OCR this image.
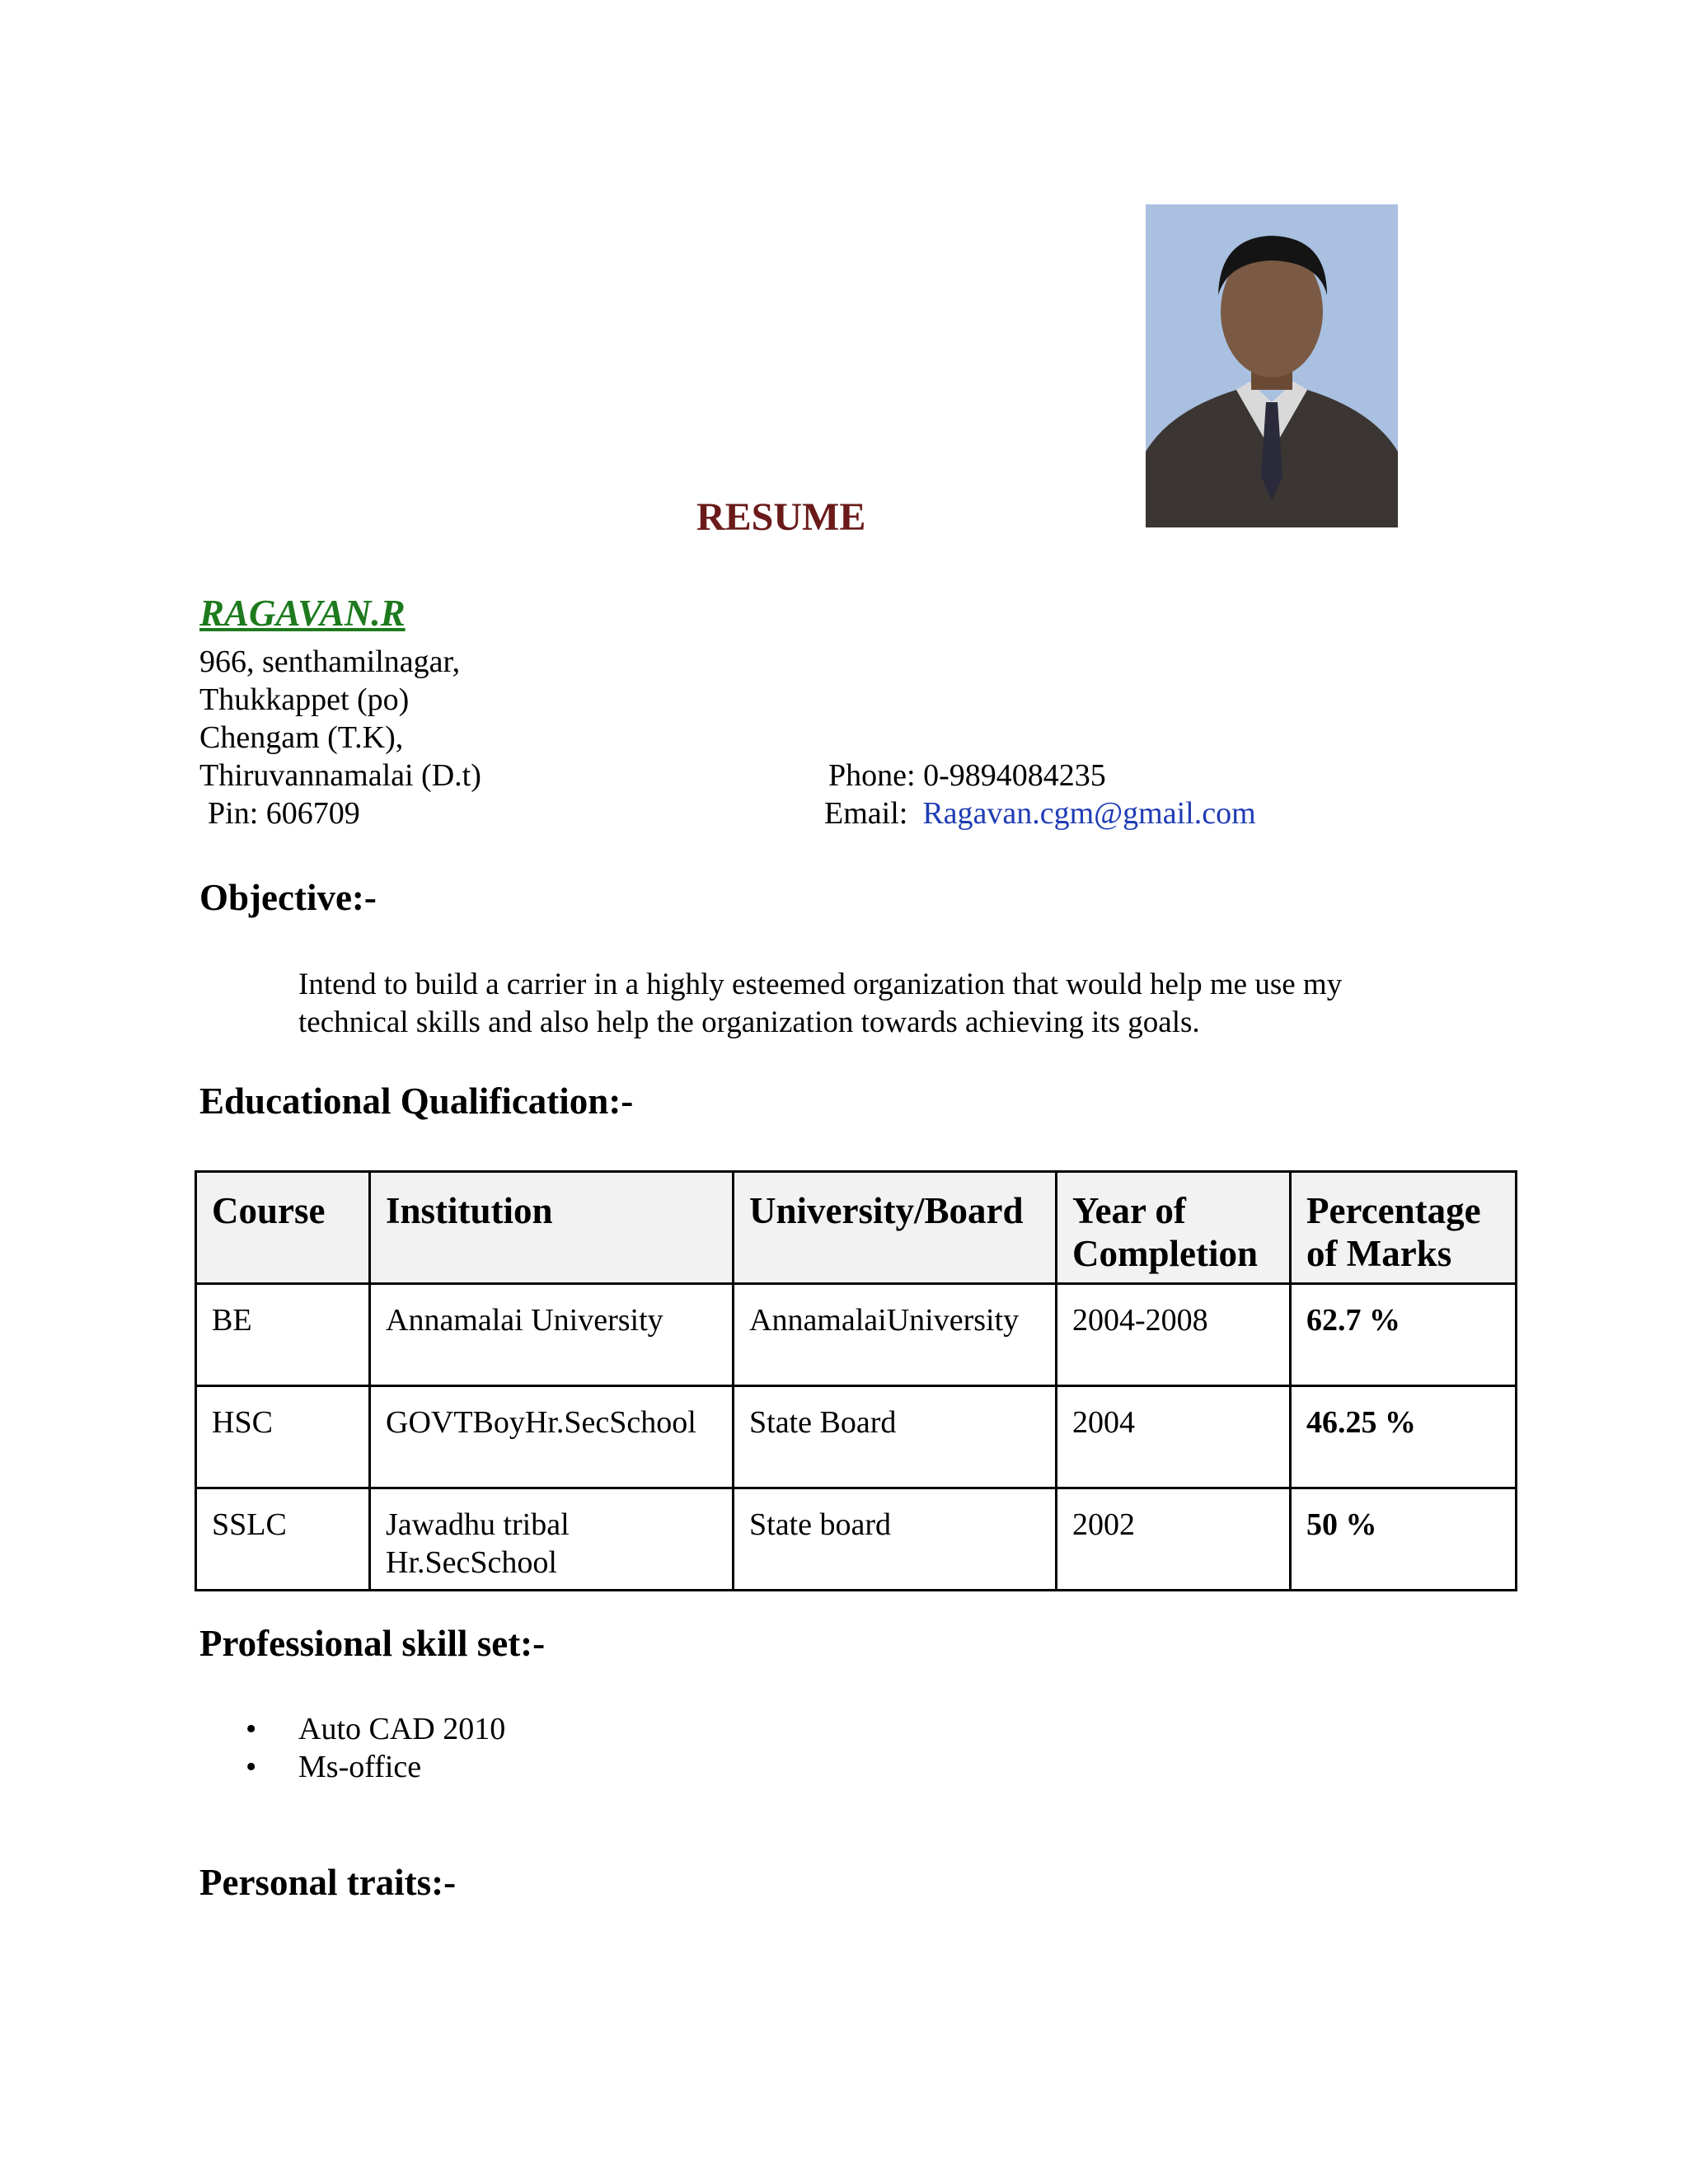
RESUME
RAGAVAN.R
966, senthamilnagar,
Thukkappet (po)
Chengam (T.K),
Thiruvannamalai (D.t)
Pin: 606709
Phone: 0-9894084235
Email: Ragavan.cgm@gmail.com
Objective:-
Intend to build a carrier in a highly esteemed organization that would help me use my technical skills and also help the organization towards achieving its goals.
Educational Qualification:-
Course	Institution	University/Board	Year of Completion	Percentage of Marks
BE	Annamalai University	AnnamalaiUniversity	2004-2008	62.7 %
HSC	GOVTBoyHr.SecSchool	State Board	2004	46.25 %
SSLC	Jawadhu tribal Hr.SecSchool	State board	2002	50 %
Professional skill set:-
• Auto CAD 2010
• Ms-office
Personal traits:-
